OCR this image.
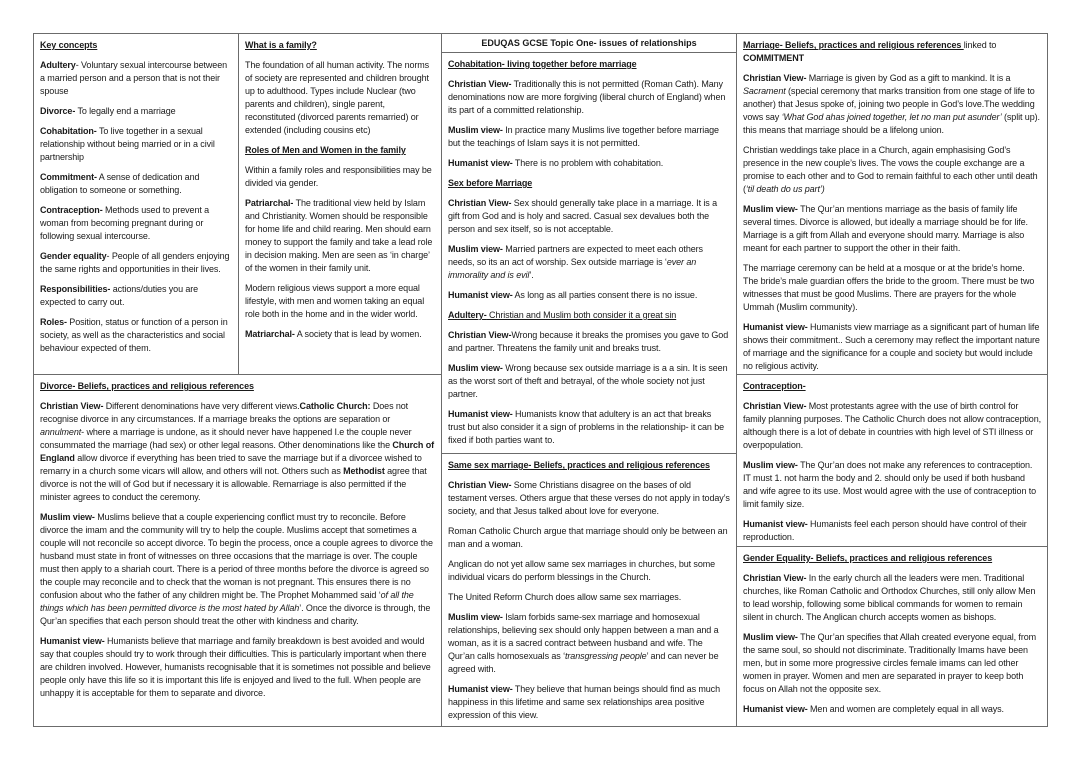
Key concepts

Adultery- Voluntary sexual intercourse between a married person and a person that is not their spouse

Divorce- To legally end a marriage

Cohabitation- To live together in a sexual relationship without being married or in a civil partnership

Commitment- A sense of dedication and obligation to someone or something.

Contraception- Methods used to prevent a woman from becoming pregnant during or following sexual intercourse.

Gender equality- People of all genders enjoying the same rights and opportunities in their lives.

Responsibilities- actions/duties you are expected to carry out.

Roles- Position, status or function of a person in society, as well as the characteristics and social behaviour expected of them.

What is a family?

The foundation of all human activity. The norms of society are represented and children brought up to adulthood. Types include Nuclear (two parents and children), single parent, reconstituted (divorced parents remarried) or extended (including cousins etc)

Roles of Men and Women in the family

Within a family roles and responsibilities may be divided via gender.

Patriarchal- The traditional view held by Islam and Christianity. Women should be responsible for home life and child rearing. Men should earn money to support the family and take a lead role in decision making. Men are seen as ‘in charge’ of the women in their family unit.

Modern religious views support a more equal lifestyle, with men and women taking an equal role both in the home and in the wider world.

Matriarchal- A society that is lead by women.

EDUQAS GCSE Topic One- issues of relationships

Cohabitation- living together before marriage

Christian View- Traditionally this is not permitted (Roman Cath). Many denominations now are more forgiving (liberal church of England) when its part of a committed relationship.

Muslim view- In practice many Muslims live together before marriage but the teachings of Islam says it is not permitted.

Humanist view- There is no problem with cohabitation.

Sex before Marriage

Christian View- Sex should generally take place in a marriage. It is a gift from God and is holy and sacred. Casual sex devalues both the person and sex itself, so is not acceptable.

Muslim view- Married partners are expected to meet each others needs, so its an act of worship. Sex outside marriage is ‘ever an immorality and is evil’.

Humanist view- As long as all parties consent there is no issue.

Adultery- Christian and Muslim both consider it a great sin

Christian View-Wrong because it breaks the promises you gave to God and partner. Threatens the family unit and breaks trust.

Muslim view- Wrong because sex outside marriage is a a sin. It is seen as the worst sort of theft and betrayal, of the whole society not just partner.

Humanist view- Humanists know that adultery is an act that breaks trust but also consider it a sign of problems in the relationship- it can be fixed if both parties want to.

Same sex marriage- Beliefs, practices and religious references

Christian View- Some Christians disagree on the bases of old testament verses. Others argue that these verses do not apply in today’s society, and that Jesus talked about love for everyone.

Roman Catholic Church argue that marriage should only be between an man and a woman.

Anglican do not yet allow same sex marriages in churches, but some individual vicars do perform blessings in the Church.

The United Reform Church does allow same sex marriages.

Muslim view- Islam forbids same-sex marriage and homosexual relationships, believing sex should only happen between a man and a woman, as it is a sacred contract between husband and wife. The Qur’an calls homosexuals as ‘transgressing people’ and can never be agreed with.

Humanist view- They believe that human beings should find as much happiness in this lifetime and same sex relationships area positive expression of this view.

Marriage- Beliefs, practices and religious references linked to COMMITMENT

Christian View- Marriage is given by God as a gift to mankind. It is a Sacrament (special ceremony that marks transition from one stage of life to another) that Jesus spoke of, joining two people in God’s love.The wedding vows say ‘What God ahas joined together, let no man put asunder’ (split up). this means that marriage should be a lifelong union.

Christian weddings take place in a Church, again emphasising God’s presence in the new couple’s lives. The vows the couple exchange are a promise to each other and to God to remain faithful to each other until death (‘til death do us part’)

Muslim view- The Qur’an mentions marriage as the basis of family life several times. Divorce is allowed, but ideally a marriage should be for life. Marriage is a gift from Allah and everyone should marry. Marriage is also meant for each partner to support the other in their faith.

The marriage ceremony can be held at a mosque or at the bride’s home. The bride’s male guardian offers the bride to the groom. There must be two witnesses that must be good Muslims. There are prayers for the whole Ummah (Muslim community).

Humanist view- Humanists view marriage as a significant part of human life shows their commitment.. Such a ceremony may reflect the important nature of marriage and the significance for a couple and society but would include no religious activity.

Divorce- Beliefs, practices and religious references

Christian View- Different denominations have very different views.Catholic Church: Does not recognise divorce in any circumstances. If a marriage breaks the options are separation or annulment- where a marriage is undone, as it should never have happened I.e the couple never consummated the marriage (had sex) or other legal reasons. Other denominations like the Church of England allow divorce if everything has been tried to save the marriage but if a divorcee wished to remarry in a church some vicars will allow, and others will not. Others such as Methodist agree that divorce is not the will of God but if necessary it is allowable. Remarriage is also permitted if the minister agrees to conduct the ceremony.

Muslim view- Muslims believe that a couple experiencing conflict must try to reconcile. Before divorce the imam and the community will try to help the couple. Muslims accept that sometimes a couple will not reconcile so accept divorce. To begin the process, once a couple agrees to divorce the husband must state in front of witnesses on three occasions that the marriage is over. The couple must then apply to a shariah court. There is a period of three months before the divorce is agreed so the couple may reconcile and to check that the woman is not pregnant. This ensures there is no confusion about who the father of any children might be. The Prophet Mohammed said ‘of all the things which has been permitted divorce is the most hated by Allah’. Once the divorce is through, the Qur’an specifies that each person should treat the other with kindness and charity.

Humanist view- Humanists believe that marriage and family breakdown is best avoided and would say that couples should try to work through their difficulties. This is particularly important when there are children involved. However, humanists recognisable that it is sometimes not possible and believe people only have this life so it is important this life is enjoyed and lived to the full. When people are unhappy it is acceptable for them to separate and divorce.

Contraception-

Christian View- Most protestants agree with the use of birth control for family planning purposes. The Catholic Church does not allow contraception, although there is a lot of debate in countries with high level of STI illness or overpopulation.

Muslim view- The Qur’an does not make any references to contraception. IT must 1. not harm the body and 2. should only be used if both husband and wife agree to its use. Most would agree with the use of contraception to limit family size.

Humanist view- Humanists feel each person should have control of their reproduction.

Gender Equality- Beliefs, practices and religious references

Christian View- In the early church all the leaders were men. Traditional churches, like Roman Catholic and Orthodox Churches, still only allow Men to lead worship, following some biblical commands for women to remain silent in church. The Anglican church accepts women as bishops.

Muslim view- The Qur’an specifies that Allah created everyone equal, from the same soul, so should not discriminate. Traditionally Imams have been men, but in some more progressive circles female imams can led other women in prayer. Women and men are separated in prayer to keep both focus on Allah not the opposite sex.

Humanist view- Men and women are completely equal in all ways.
